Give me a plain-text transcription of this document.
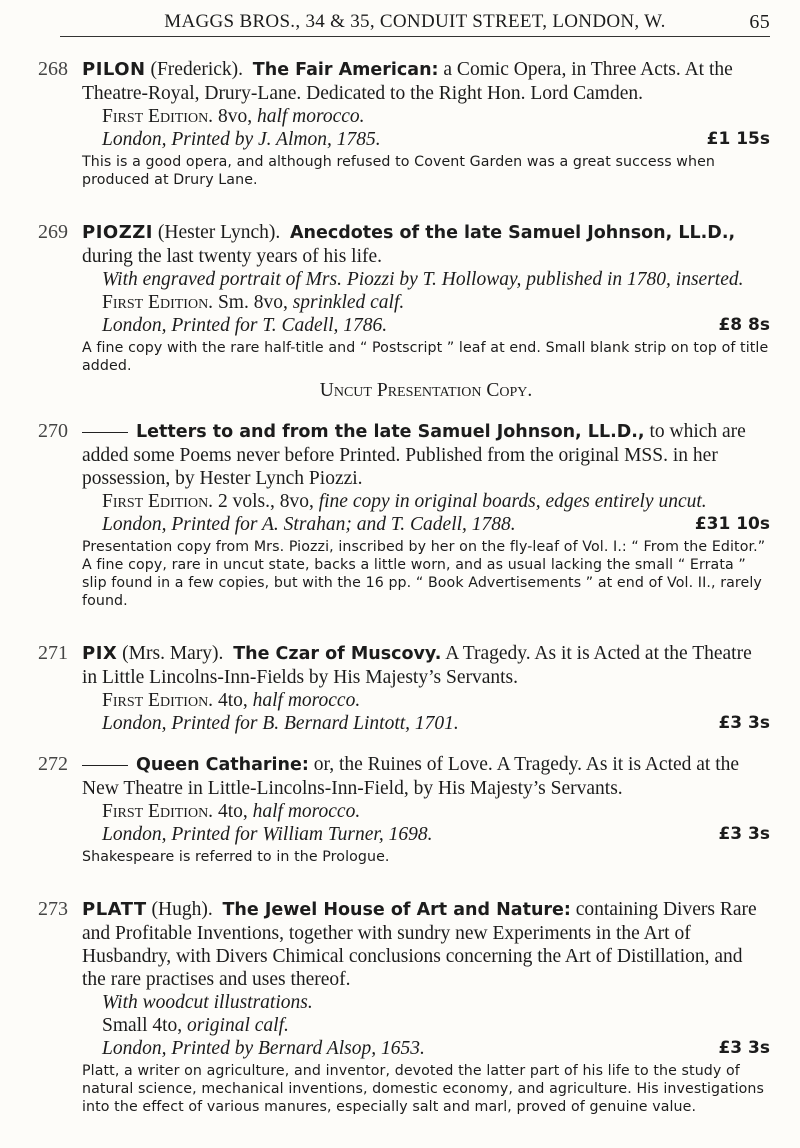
MAGGS BROS., 34 & 35, CONDUIT STREET, LONDON, W.	65
268 PILON (Frederick). The Fair American: a Comic Opera, in Three Acts. At the Theatre-Royal, Drury-Lane. Dedicated to the Right Hon. Lord Camden.

First Edition. 8vo, half morocco.

London, Printed by J. Almon, 1785.	£1 15s

This is a good opera, and although refused to Covent Garden was a great success when produced at Drury Lane.

269 PIOZZI (Hester Lynch). Anecdotes of the late Samuel Johnson, LL.D., during the last twenty years of his life.

With engraved portrait of Mrs. Piozzi by T. Holloway, published in 1780, inserted.

First Edition. Sm. 8vo, sprinkled calf.

London, Printed for T. Cadell, 1786.	£8 8s

A fine copy with the rare half-title and “ Postscript ” leaf at end. Small blank strip on top of title added.

Uncut Presentation Copy.

270	Letters to and from the late Samuel Johnson, LL.D., to which are added some Poems never before Printed. Published from the original MSS. in her possession, by Hester Lynch Piozzi.

First Edition. 2 vols., 8vo, fine copy in original boards, edges entirely uncut.

London, Printed for A. Strahan; and T. Cadell, 1788.	£31 10s

Presentation copy from Mrs. Piozzi, inscribed by her on the fly-leaf of Vol. I.: “ From the Editor.” A fine copy, rare in uncut state, backs a little worn, and as usual lacking the small “ Errata ” slip found in a few copies, but with the 16 pp. “ Book Advertisements ” at end of Vol. II., rarely found.

271 PIX (Mrs. Mary). The Czar of Muscovy. A Tragedy. As it is Acted at the Theatre in Little Lincolns-Inn-Fields by His Majesty’s Servants.

First Edition. 4to, half morocco.

London, Printed for B. Bernard Lintott, 1701.	£3 3s
272	Queen Catharine: or, the Ruines of Love. A Tragedy. As it is Acted at the New Theatre in Little-Lincolns-Inn-Field, by His Majesty’s Servants.

First Edition. 4to, half morocco.

London, Printed for William Turner, 1698.	£3 3s

Shakespeare is referred to in the Prologue.

273 PLATT (Hugh). The Jewel House of Art and Nature: containing Divers Rare and Profitable Inventions, together with sundry new Experiments in the Art of Husbandry, with Divers Chimical conclusions concerning the Art of Distillation, and the rare practises and uses thereof.

With woodcut illustrations.

Small 4to, original calf.

London, Printed by Bernard Alsop, 1653.	£3 3s

Platt, a writer on agriculture, and inventor, devoted the latter part of his life to the study of natural science, mechanical inventions, domestic economy, and agriculture. His investigations into the effect of various manures, especially salt and marl, proved of genuine value.
